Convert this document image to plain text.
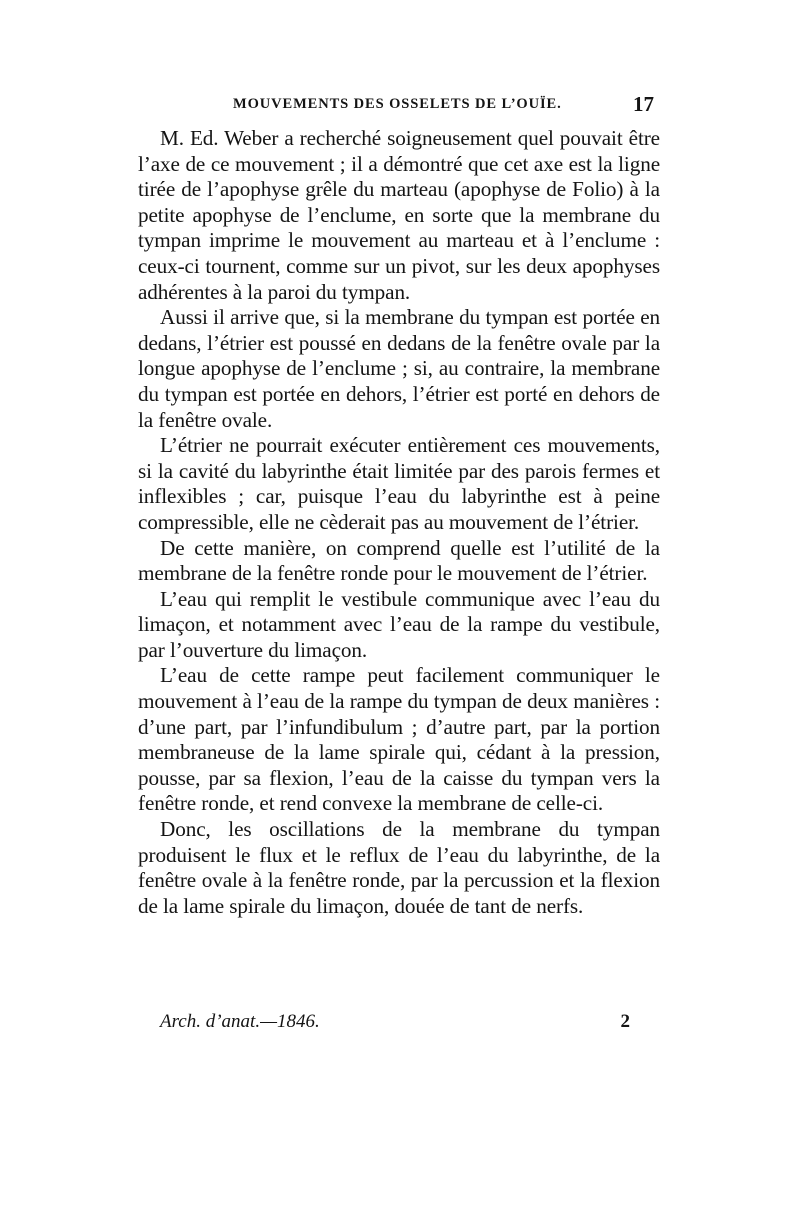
MOUVEMENTS DES OSSELETS DE L’OUÏE.	17

M. Ed. Weber a recherché soigneusement quel pouvait être l’axe de ce mouvement ; il a démontré que cet axe est la ligne tirée de l’apophyse grêle du marteau (apophyse de Folio) à la petite apophyse de l’enclume, en sorte que la membrane du tympan imprime le mouvement au marteau et à l’enclume : ceux-ci tournent, comme sur un pivot, sur les deux apophyses adhérentes à la paroi du tympan.

Aussi il arrive que, si la membrane du tympan est portée en dedans, l’étrier est poussé en dedans de la fenêtre ovale par la longue apophyse de l’enclume ; si, au contraire, la membrane du tympan est portée en dehors, l’étrier est porté en dehors de la fenêtre ovale.

L’étrier ne pourrait exécuter entièrement ces mouvements, si la cavité du labyrinthe était limitée par des parois fermes et inflexibles ; car, puisque l’eau du labyrinthe est à peine compressible, elle ne cèderait pas au mouvement de l’étrier.

De cette manière, on comprend quelle est l’utilité de la membrane de la fenêtre ronde pour le mouvement de l’étrier.

L’eau qui remplit le vestibule communique avec l’eau du limaçon, et notamment avec l’eau de la rampe du vestibule, par l’ouverture du limaçon.

L’eau de cette rampe peut facilement communiquer le mouvement à l’eau de la rampe du tympan de deux manières : d’une part, par l’infundibulum ; d’autre part, par la portion membraneuse de la lame spirale qui, cédant à la pression, pousse, par sa flexion, l’eau de la caisse du tympan vers la fenêtre ronde, et rend convexe la membrane de celle-ci.

Donc, les oscillations de la membrane du tympan produisent le flux et le reflux de l’eau du labyrinthe, de la fenêtre ovale à la fenêtre ronde, par la percussion et la flexion de la lame spirale du limaçon, douée de tant de nerfs.

Arch. d’anat.—1846.	2
